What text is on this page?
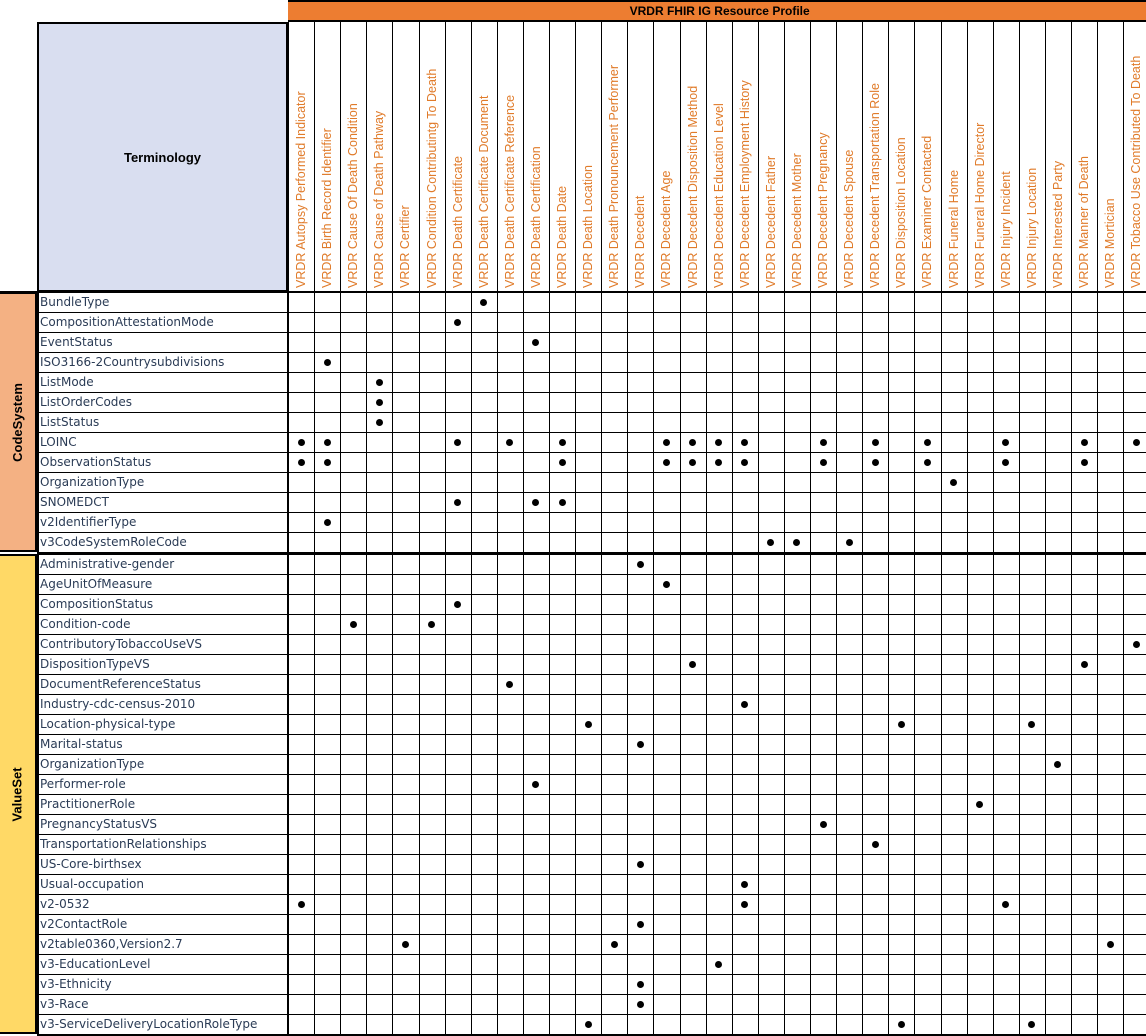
VRDR FHIR IG Resource Profile
Terminology	VRDR Autopsy Performed Indicator VRDR Birth Record Identifier VRDR Cause Of Death Condition VRDR Cause of Death Pathway VRDR Certifier VRDR Condition Contributintg To Death VRDR Death Certificate VRDR Death Certificate Document VRDR Death Certificate Reference VRDR Death Certification VRDR Death Date VRDR Death Location VRDR Death Pronouncement Performer VRDR Decedent VRDR Decedent Age VRDR Decedent Disposition Method VRDR Decedent Education Level VRDR Decedent Employment History VRDR Decedent Father VRDR Decedent Mother VRDR Decedent Pregnancy VRDR Decedent Spouse VRDR Decedent Transportation Role VRDR Disposition Location VRDR Examiner Contacted VRDR Funeral Home VRDR Funeral Home Director VRDR Injury Incident VRDR Injury Location VRDR Interested Party VRDR Manner of Death VRDR Mortician VRDR Tobacco Use Contributed To Death
CodeSystem
BundleType
CompositionAttestationMode
EventStatus
ISO3166-2Countrysubdivisions
ListMode
ListOrderCodes
ListStatus
LOINC
ObservationStatus
OrganizationType
SNOMEDCT
v2IdentifierType
v3CodeSystemRoleCode
ValueSet
Administrative-gender
AgeUnitOfMeasure
CompositionStatus
Condition-code
ContributoryTobaccoUseVS
DispositionTypeVS
DocumentReferenceStatus
Industry-cdc-census-2010
Location-physical-type
Marital-status
OrganizationType
Performer-role
PractitionerRole
PregnancyStatusVS
TransportationRelationships
US-Core-birthsex
Usual-occupation
v2-0532
v2ContactRole
v2table0360,Version2.7
v3-EducationLevel
v3-Ethnicity
v3-Race
v3-ServiceDeliveryLocationRoleType
